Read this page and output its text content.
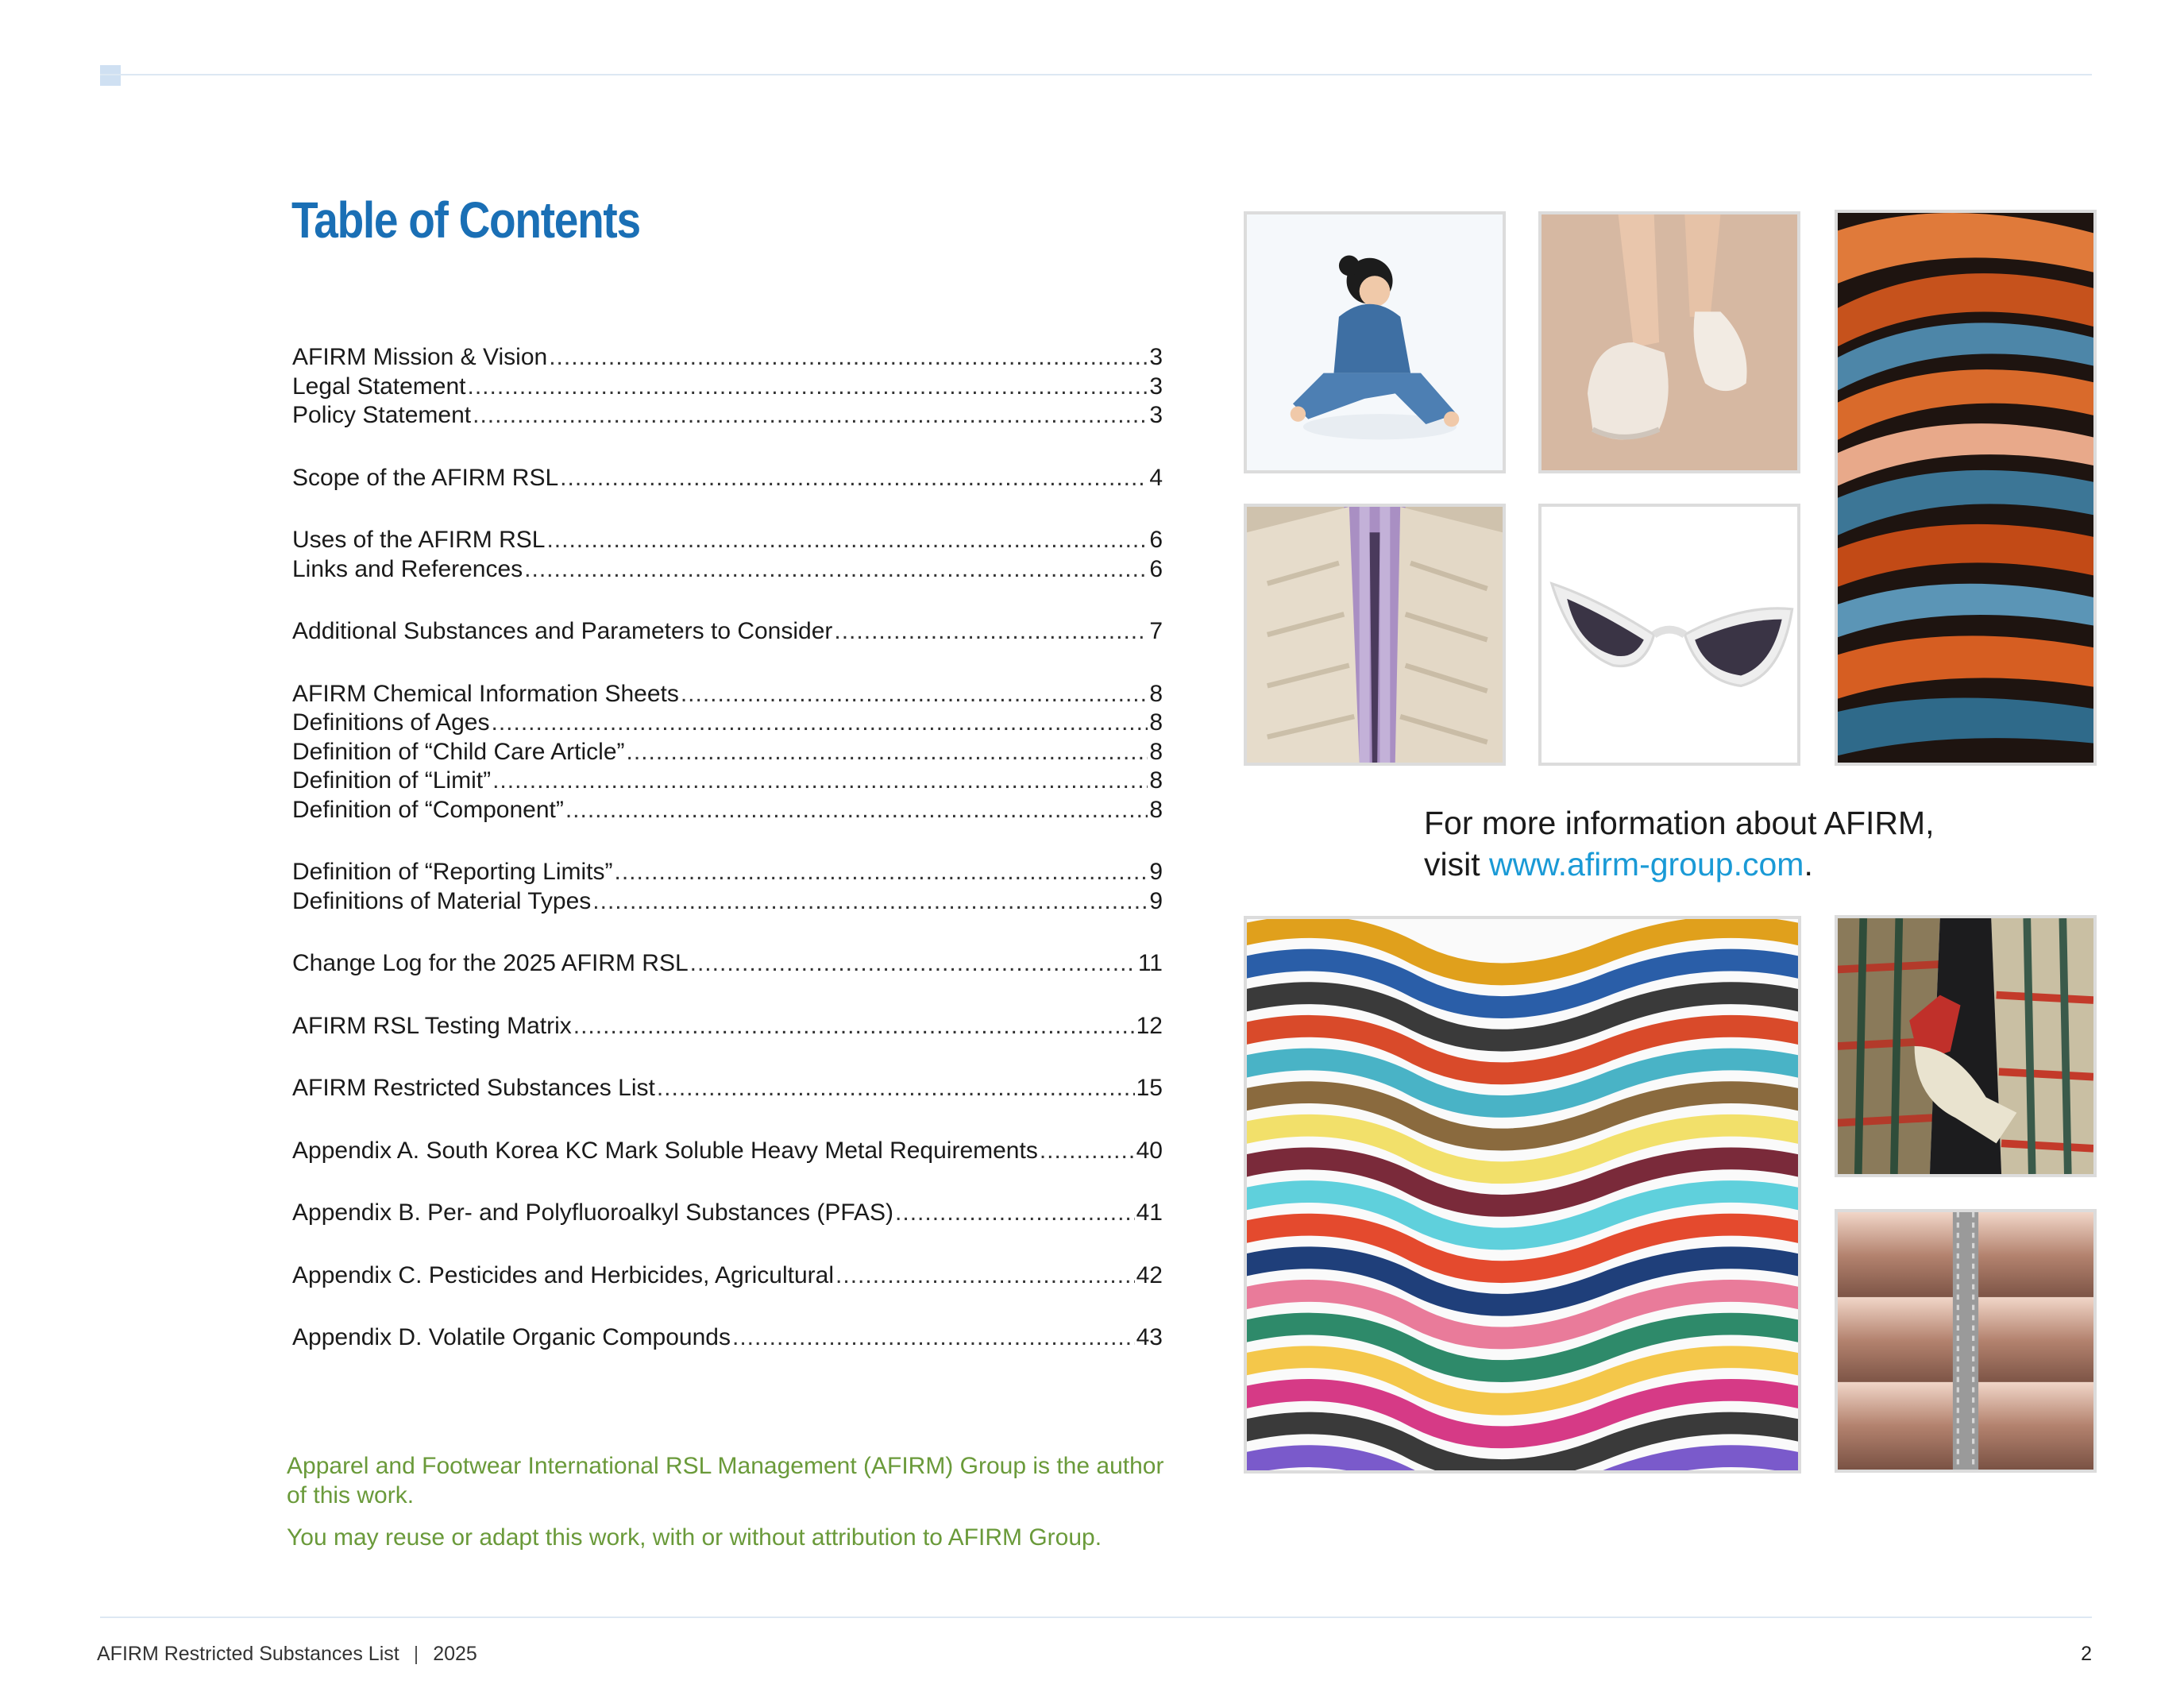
Table of Contents
AFIRM Mission & Vision .....	3
Legal Statement .....	3
Policy Statement .....	3
Scope of the AFIRM RSL .....	4
Uses of the AFIRM RSL .....	6
Links and References .....	6
Additional Substances and Parameters to Consider .....	7
AFIRM Chemical Information Sheets .....	8
Definitions of Ages .....	8
Definition of “Child Care Article” .....	8
Definition of “Limit” .....	8
Definition of “Component” .....	8
Definition of “Reporting Limits” .....	9
Definitions of Material Types .....	9
Change Log for the 2025 AFIRM RSL .....	11
AFIRM RSL Testing Matrix .....	12
AFIRM Restricted Substances List .....	15
Appendix A. South Korea KC Mark Soluble Heavy Metal Requirements .....	40
Appendix B. Per- and Polyfluoroalkyl Substances (PFAS) .....	41
Appendix C. Pesticides and Herbicides, Agricultural .....	42
Appendix D. Volatile Organic Compounds .....	43

Apparel and Footwear International RSL Management (AFIRM) Group is the author of this work.

You may reuse or adapt this work, with or without attribution to AFIRM Group.

For more information about AFIRM,
visit www.afirm-group.com.
AFIRM Restricted Substances List | 2025	2
